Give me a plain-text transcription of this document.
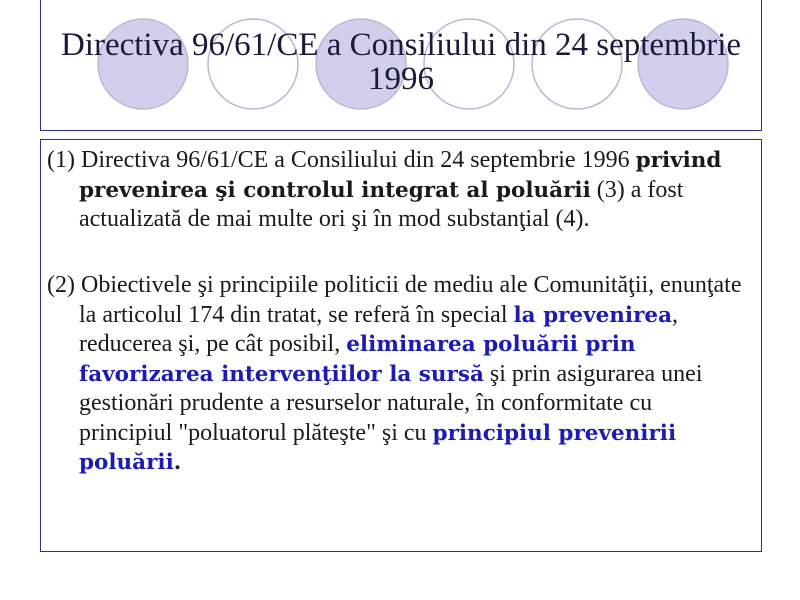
Directiva 96/61/CE a Consiliului din 24 septembrie 1996
(1) Directiva 96/61/CE a Consiliului din 24 septembrie 1996 privind prevenirea şi controlul integrat al poluării (3) a fost actualizată de mai multe ori şi în mod substanţial (4).
(2) Obiectivele şi principiile politicii de mediu ale Comunităţii, enunţate la articolul 174 din tratat, se referă în special la prevenirea, reducerea şi, pe cât posibil, eliminarea poluării prin favorizarea intervenţiilor la sursă şi prin asigurarea unei gestionări prudente a resurselor naturale, în conformitate cu principiul "poluatorul plăteşte" şi cu principiul prevenirii poluării.
